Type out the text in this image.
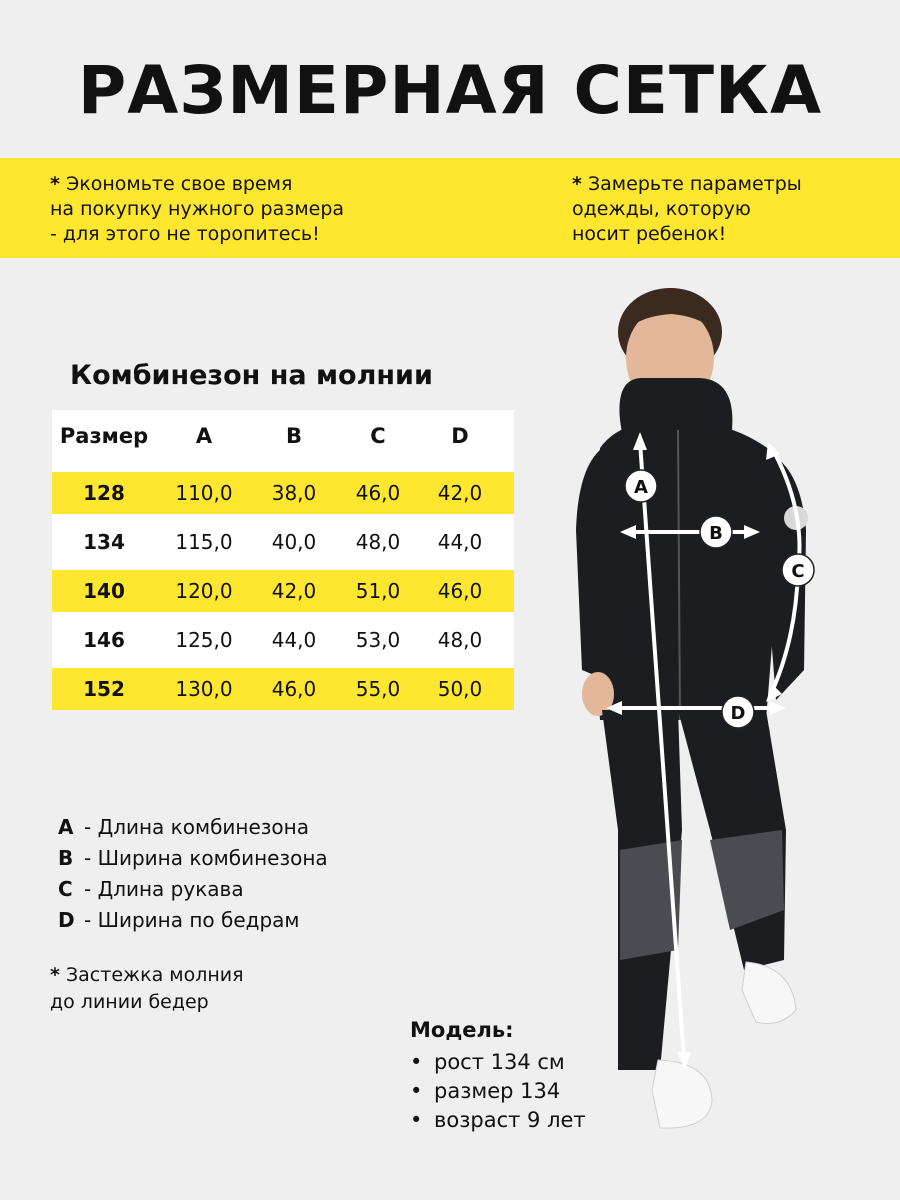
РАЗМЕРНАЯ СЕТКА
* Экономьте свое время
на покупку нужного размера
- для этого не торопитесь!
* Замерьте параметры
одежды, которую
носит ребенок!
Комбинезон на молнии
Размер	A	B	C	D
128	110,0	38,0	46,0	42,0
134	115,0	40,0	48,0	44,0
140	120,0	42,0	51,0	46,0
146	125,0	44,0	53,0	48,0
152	130,0	46,0	55,0	50,0
A - Длина комбинезона
B - Ширина комбинезона
C - Длина рукава
D - Ширина по бедрам
* Застежка молния
до линии бедер
Модель:
• рост 134 см
• размер 134
• возраст 9 лет
A
B
C
D
